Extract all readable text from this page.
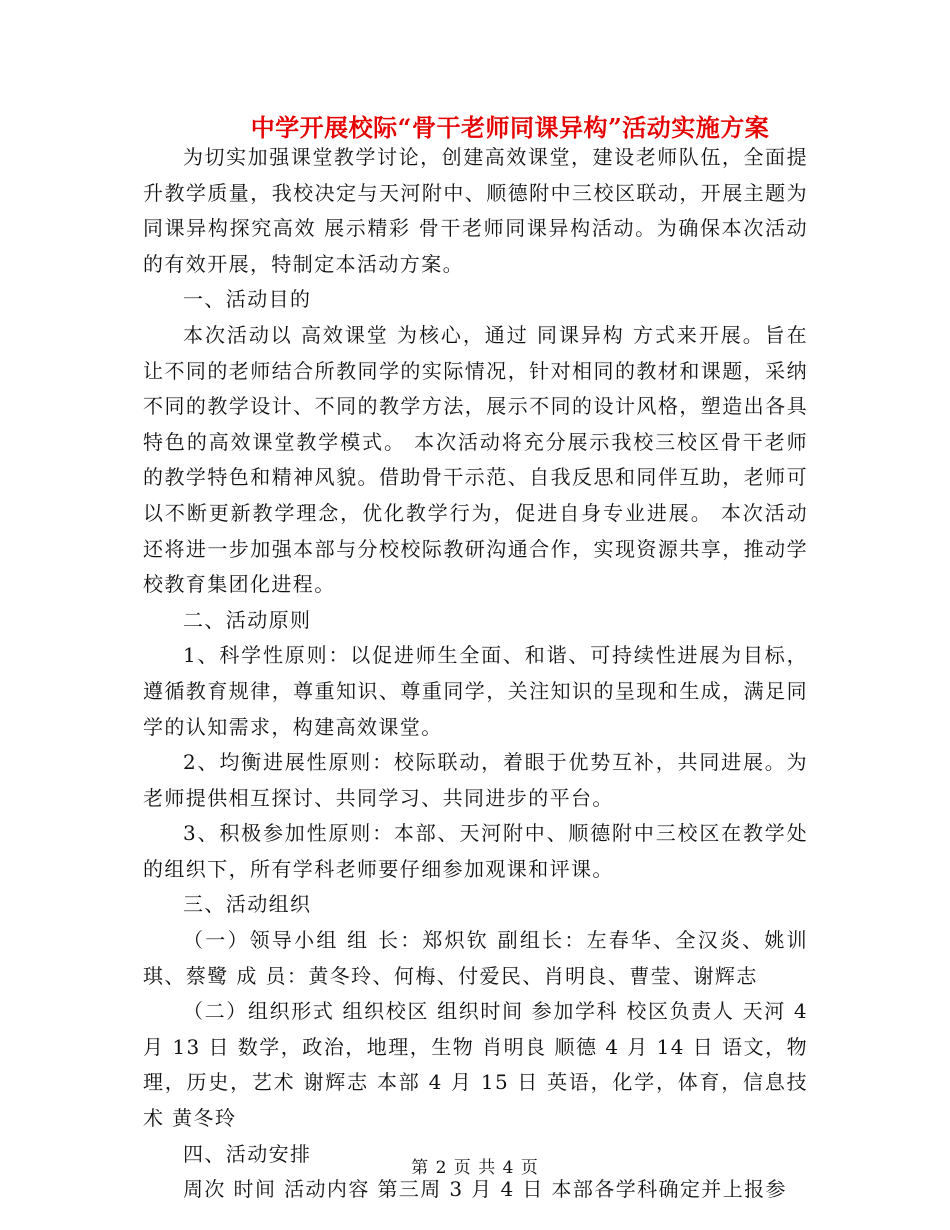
中学开展校际“骨干老师同课异构”活动实施方案

为切实加强课堂教学讨论，创建高效课堂，建设老师队伍，全面提升教学质量，我校决定与天河附中、顺德附中三校区联动，开展主题为 同课异构探究高效 展示精彩 骨干老师同课异构活动。为确保本次活动的有效开展，特制定本活动方案。

一、活动目的

本次活动以 高效课堂 为核心，通过 同课异构 方式来开展。旨在让不同的老师结合所教同学的实际情况，针对相同的教材和课题，采纳不同的教学设计、不同的教学方法，展示不同的设计风格，塑造出各具特色的高效课堂教学模式。 本次活动将充分展示我校三校区骨干老师的教学特色和精神风貌。借助骨干示范、自我反思和同伴互助，老师可以不断更新教学理念，优化教学行为，促进自身专业进展。 本次活动还将进一步加强本部与分校校际教研沟通合作，实现资源共享，推动学校教育集团化进程。

二、活动原则

1、科学性原则：以促进师生全面、和谐、可持续性进展为目标，遵循教育规律，尊重知识、尊重同学，关注知识的呈现和生成，满足同学的认知需求，构建高效课堂。

2、均衡进展性原则：校际联动，着眼于优势互补，共同进展。为老师提供相互探讨、共同学习、共同进步的平台。

3、积极参加性原则：本部、天河附中、顺德附中三校区在教学处的组织下，所有学科老师要仔细参加观课和评课。

三、活动组织

（一）领导小组 组 长：郑炽钦 副组长：左春华、全汉炎、姚训琪、蔡鹭 成 员：黄冬玲、何梅、付爱民、肖明良、曹莹、谢辉志

（二）组织形式 组织校区 组织时间 参加学科 校区负责人 天河 4 月 13 日 数学，政治，地理，生物 肖明良 顺德 4 月 14 日 语文，物理，历史，艺术 谢辉志 本部 4 月 15 日 英语，化学，体育，信息技术 黄冬玲

四、活动安排

周次 时间 活动内容 第三周 3 月 4 日 本部各学科确定并上报参

第 2 页 共 4 页
